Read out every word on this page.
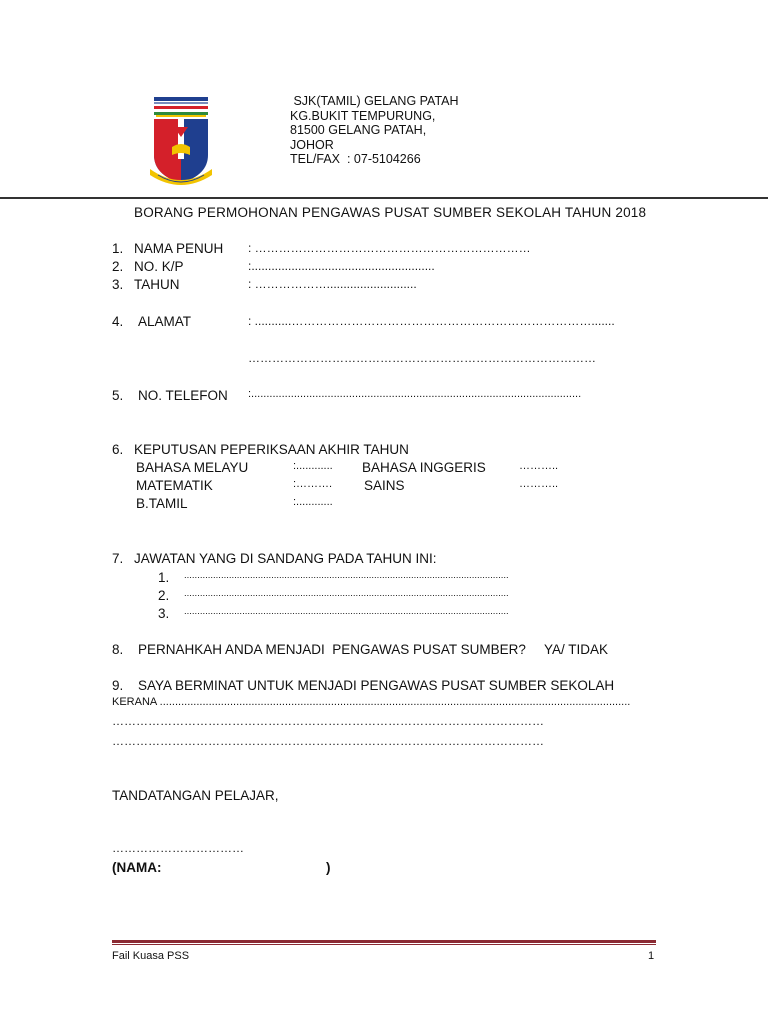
SJK(TAMIL) GELANG PATAH
KG.BUKIT TEMPURUNG,
81500 GELANG PATAH,
JOHOR
TEL/FAX  : 07-5104266
BORANG PERMOHONAN PENGAWAS PUSAT SUMBER SEKOLAH TAHUN 2018
1. NAMA PENUH : ……………………………………………………………
2. NO. K/P	:.......................................................
3. TAHUN	: ………………...........................
4. ALAMAT	: ...........………………………………………………………………….......
……………………………………………………………………………
5. NO. TELEFON :............................................................................................................
6. KEPUTUSAN PEPERIKSAAN AKHIR TAHUN
BAHASA MELAYU	:............ BAHASA INGGERIS	………..
MATEMATIK	:………. SAINS	………..
B.TAMIL	:............
7. JAWATAN YANG DI SANDANG PADA TAHUN INI:
1. ...........................................................................................................................
2. ...........................................................................................................................
3. ...........................................................................................................................
8. PERNAHKAH ANDA MENJADI  PENGAWAS PUSAT SUMBER? YA/ TIDAK
9. SAYA BERMINAT UNTUK MENJADI PENGAWAS PUSAT SUMBER SEKOLAH
KERANA ..........................................................................................................................................................
………………………………………………………………………………………………
………………………………………………………………………………………………
TANDATANGAN PELAJAR,
……………………………
(NAMA:	)
Fail Kuasa PSS	1
